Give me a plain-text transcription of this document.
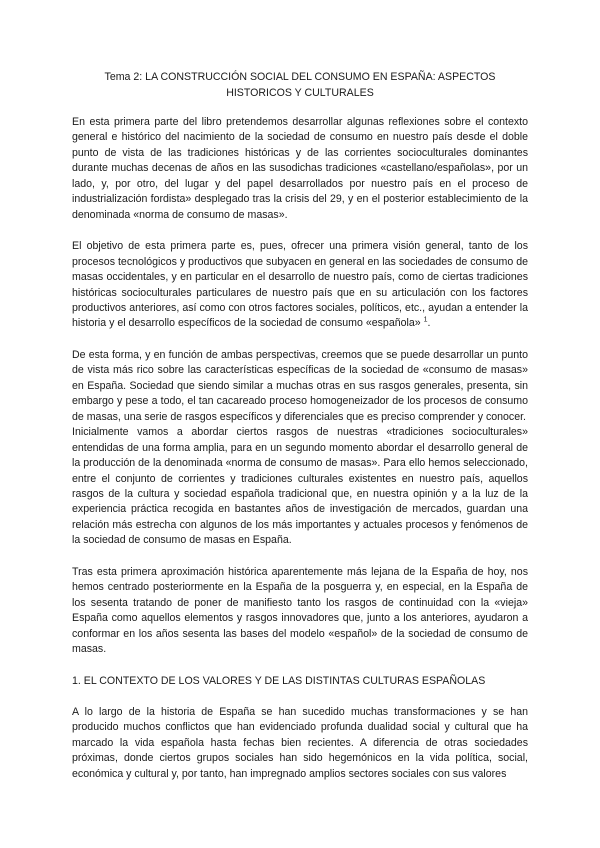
Tema 2: LA CONSTRUCCIÓN SOCIAL DEL CONSUMO EN ESPAÑA: ASPECTOS HISTORICOS Y CULTURALES

En esta primera parte del libro pretendemos desarrollar algunas reflexiones sobre el contexto general e histórico del nacimiento de la sociedad de consumo en nuestro país desde el doble punto de vista de las tradiciones históricas y de las corrientes socioculturales dominantes durante muchas decenas de años en las susodichas tradiciones «castellano/españolas», por un lado, y, por otro, del lugar y del papel desarrollados por nuestro país en el proceso de industrialización fordista» desplegado tras la crisis del 29, y en el posterior establecimiento de la denominada «norma de consumo de masas».

El objetivo de esta primera parte es, pues, ofrecer una primera visión general, tanto de los procesos tecnológicos y productivos que subyacen en general en las sociedades de consumo de masas occidentales, y en particular en el desarrollo de nuestro país, como de ciertas tradiciones históricas socioculturales particulares de nuestro país que en su articulación con los factores productivos anteriores, así como con otros factores sociales, políticos, etc., ayudan a entender la historia y el desarrollo específicos de la sociedad de consumo «española» $^1$.

De esta forma, y en función de ambas perspectivas, creemos que se puede desarrollar un punto de vista más rico sobre las características específicas de la sociedad de «consumo de masas» en España. Sociedad que siendo similar a muchas otras en sus rasgos generales, presenta, sin embargo y pese a todo, el tan cacareado proceso homogeneizador de los procesos de consumo de masas, una serie de rasgos específicos y diferenciales que es preciso comprender y conocer.

Inicialmente vamos a abordar ciertos rasgos de nuestras «tradiciones socioculturales» entendidas de una forma amplia, para en un segundo momento abordar el desarrollo general de la producción de la denominada «norma de consumo de masas». Para ello hemos seleccionado, entre el conjunto de corrientes y tradiciones culturales existentes en nuestro país, aquellos rasgos de la cultura y sociedad española tradicional que, en nuestra opinión y a la luz de la experiencia práctica recogida en bastantes años de investigación de mercados, guardan una relación más estrecha con algunos de los más importantes y actuales procesos y fenómenos de la sociedad de consumo de masas en España.

Tras esta primera aproximación histórica aparentemente más lejana de la España de hoy, nos hemos centrado posteriormente en la España de la posguerra y, en especial, en la España de los sesenta tratando de poner de manifiesto tanto los rasgos de continuidad con la «vieja» España como aquellos elementos y rasgos innovadores que, junto a los anteriores, ayudaron a conformar en los años sesenta las bases del modelo «español» de la sociedad de consumo de masas.

1. EL CONTEXTO DE LOS VALORES Y DE LAS DISTINTAS CULTURAS ESPAÑOLAS

A lo largo de la historia de España se han sucedido muchas transformaciones y se han producido muchos conflictos que han evidenciado profunda dualidad social y cultural que ha marcado la vida española hasta fechas bien recientes. A diferencia de otras sociedades próximas, donde ciertos grupos sociales han sido hegemónicos en la vida política, social, económica y cultural y, por tanto, han impregnado amplios sectores sociales con sus valores
